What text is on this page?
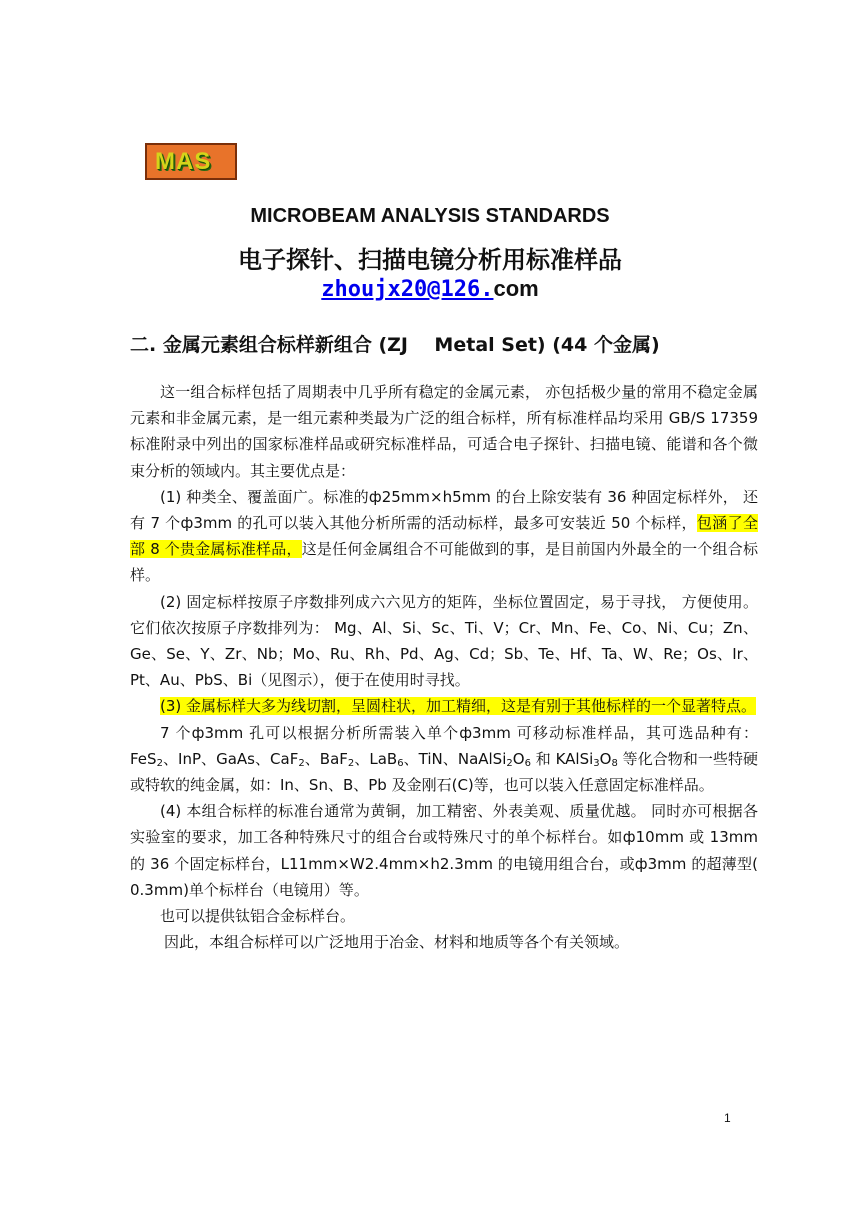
MAS
MICROBEAM ANALYSIS STANDARDS
电子探针、扫描电镜分析用标准样品
zhoujx20@126.com
二. 金属元素组合标样新组合 (ZJ    Metal Set) (44 个金属)

这一组合标样包括了周期表中几乎所有稳定的金属元素， 亦包括极少量的常用不稳定金属元素和非金属元素，是一组元素种类最为广泛的组合标样，所有标准样品均采用 GB/S 17359 标准附录中列出的国家标准样品或研究标准样品，可适合电子探针、扫描电镜、能谱和各个微束分析的领域内。其主要优点是：

(1) 种类全、覆盖面广。标准的ф25mm×h5mm 的台上除安装有 36 种固定标样外， 还有 7 个ф3mm 的孔可以装入其他分析所需的活动标样，最多可安装近 50 个标样，包涵了全部 8 个贵金属标准样品，这是任何金属组合不可能做到的事，是目前国内外最全的一个组合标样。

(2) 固定标样按原子序数排列成六六见方的矩阵，坐标位置固定，易于寻找， 方便使用。它们依次按原子序数排列为： Mg、Al、Si、Sc、Ti、V；Cr、Mn、Fe、Co、Ni、Cu；Zn、Ge、Se、Y、Zr、Nb；Mo、Ru、Rh、Pd、Ag、Cd；Sb、Te、Hf、Ta、W、Re；Os、Ir、Pt、Au、PbS、Bi（见图示），便于在使用时寻找。

(3) 金属标样大多为线切割，呈圆柱状，加工精细，这是有别于其他标样的一个显著特点。

7 个ф3mm 孔可以根据分析所需装入单个ф3mm 可移动标准样品，其可选品种有：FeS$_2$、InP、GaAs、CaF$_2$、BaF$_2$、LaB$_6$、TiN、$NaAlSi_2O_6$ 和 $KAlSi_3O_8$ 等化合物和一些特硬或特软的纯金属，如：In、Sn、B、Pb 及金刚石(C)等，也可以装入任意固定标准样品。

(4) 本组合标样的标准台通常为黄铜，加工精密、外表美观、质量优越。 同时亦可根据各实验室的要求，加工各种特殊尺寸的组合台或特殊尺寸的单个标样台。如ф10mm 或 13mm 的 36 个固定标样台，L11mm×W2.4mm×h2.3mm 的电镜用组合台，或ф3mm 的超薄型( 0.3mm)单个标样台（电镜用）等。

也可以提供钛铝合金标样台。

因此，本组合标样可以广泛地用于冶金、材料和地质等各个有关领域。

1
